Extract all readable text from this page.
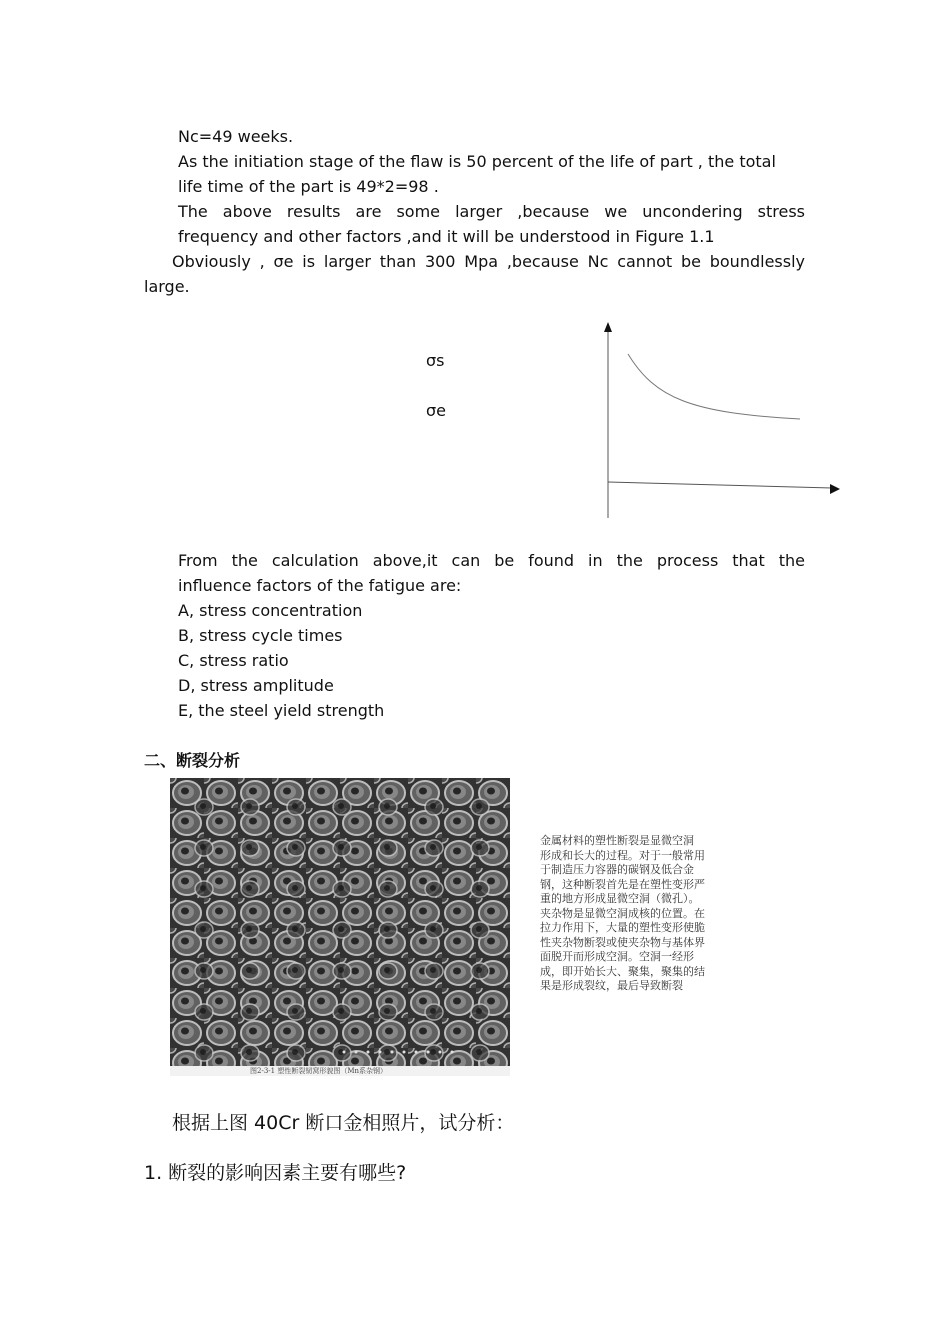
Nc=49 weeks.

As the initiation stage of the flaw is 50 percent of the life of part , the total

life time of the part is 49*2=98 .

The above results are some larger ,because we uncondering stress

frequency and other factors ,and it will be understood in Figure 1.1

Obviously , σe is larger than 300 Mpa ,because Nc cannot be boundlessly

large.

σs
σe

From the calculation above,it can be found in the process that the

influence factors of the fatigue are:

A, stress concentration

B, stress cycle times

C, stress ratio

D, stress amplitude

E, the steel yield strength

二、断裂分析
图2-3-1 塑性断裂韧窝形貌图（Mn系杂钢）
金属材料的塑性断裂是显微空洞
形成和长大的过程。对于一般常用
于制造压力容器的碳钢及低合金
钢，这种断裂首先是在塑性变形严
重的地方形成显微空洞（微孔）。
夹杂物是显微空洞成核的位置。在
拉力作用下，大量的塑性变形使脆
性夹杂物断裂或使夹杂物与基体界
面脱开而形成空洞。空洞一经形
成，即开始长大、聚集，聚集的结
果是形成裂纹，最后导致断裂
根据上图 40Cr 断口金相照片，试分析：
1. 断裂的影响因素主要有哪些?
